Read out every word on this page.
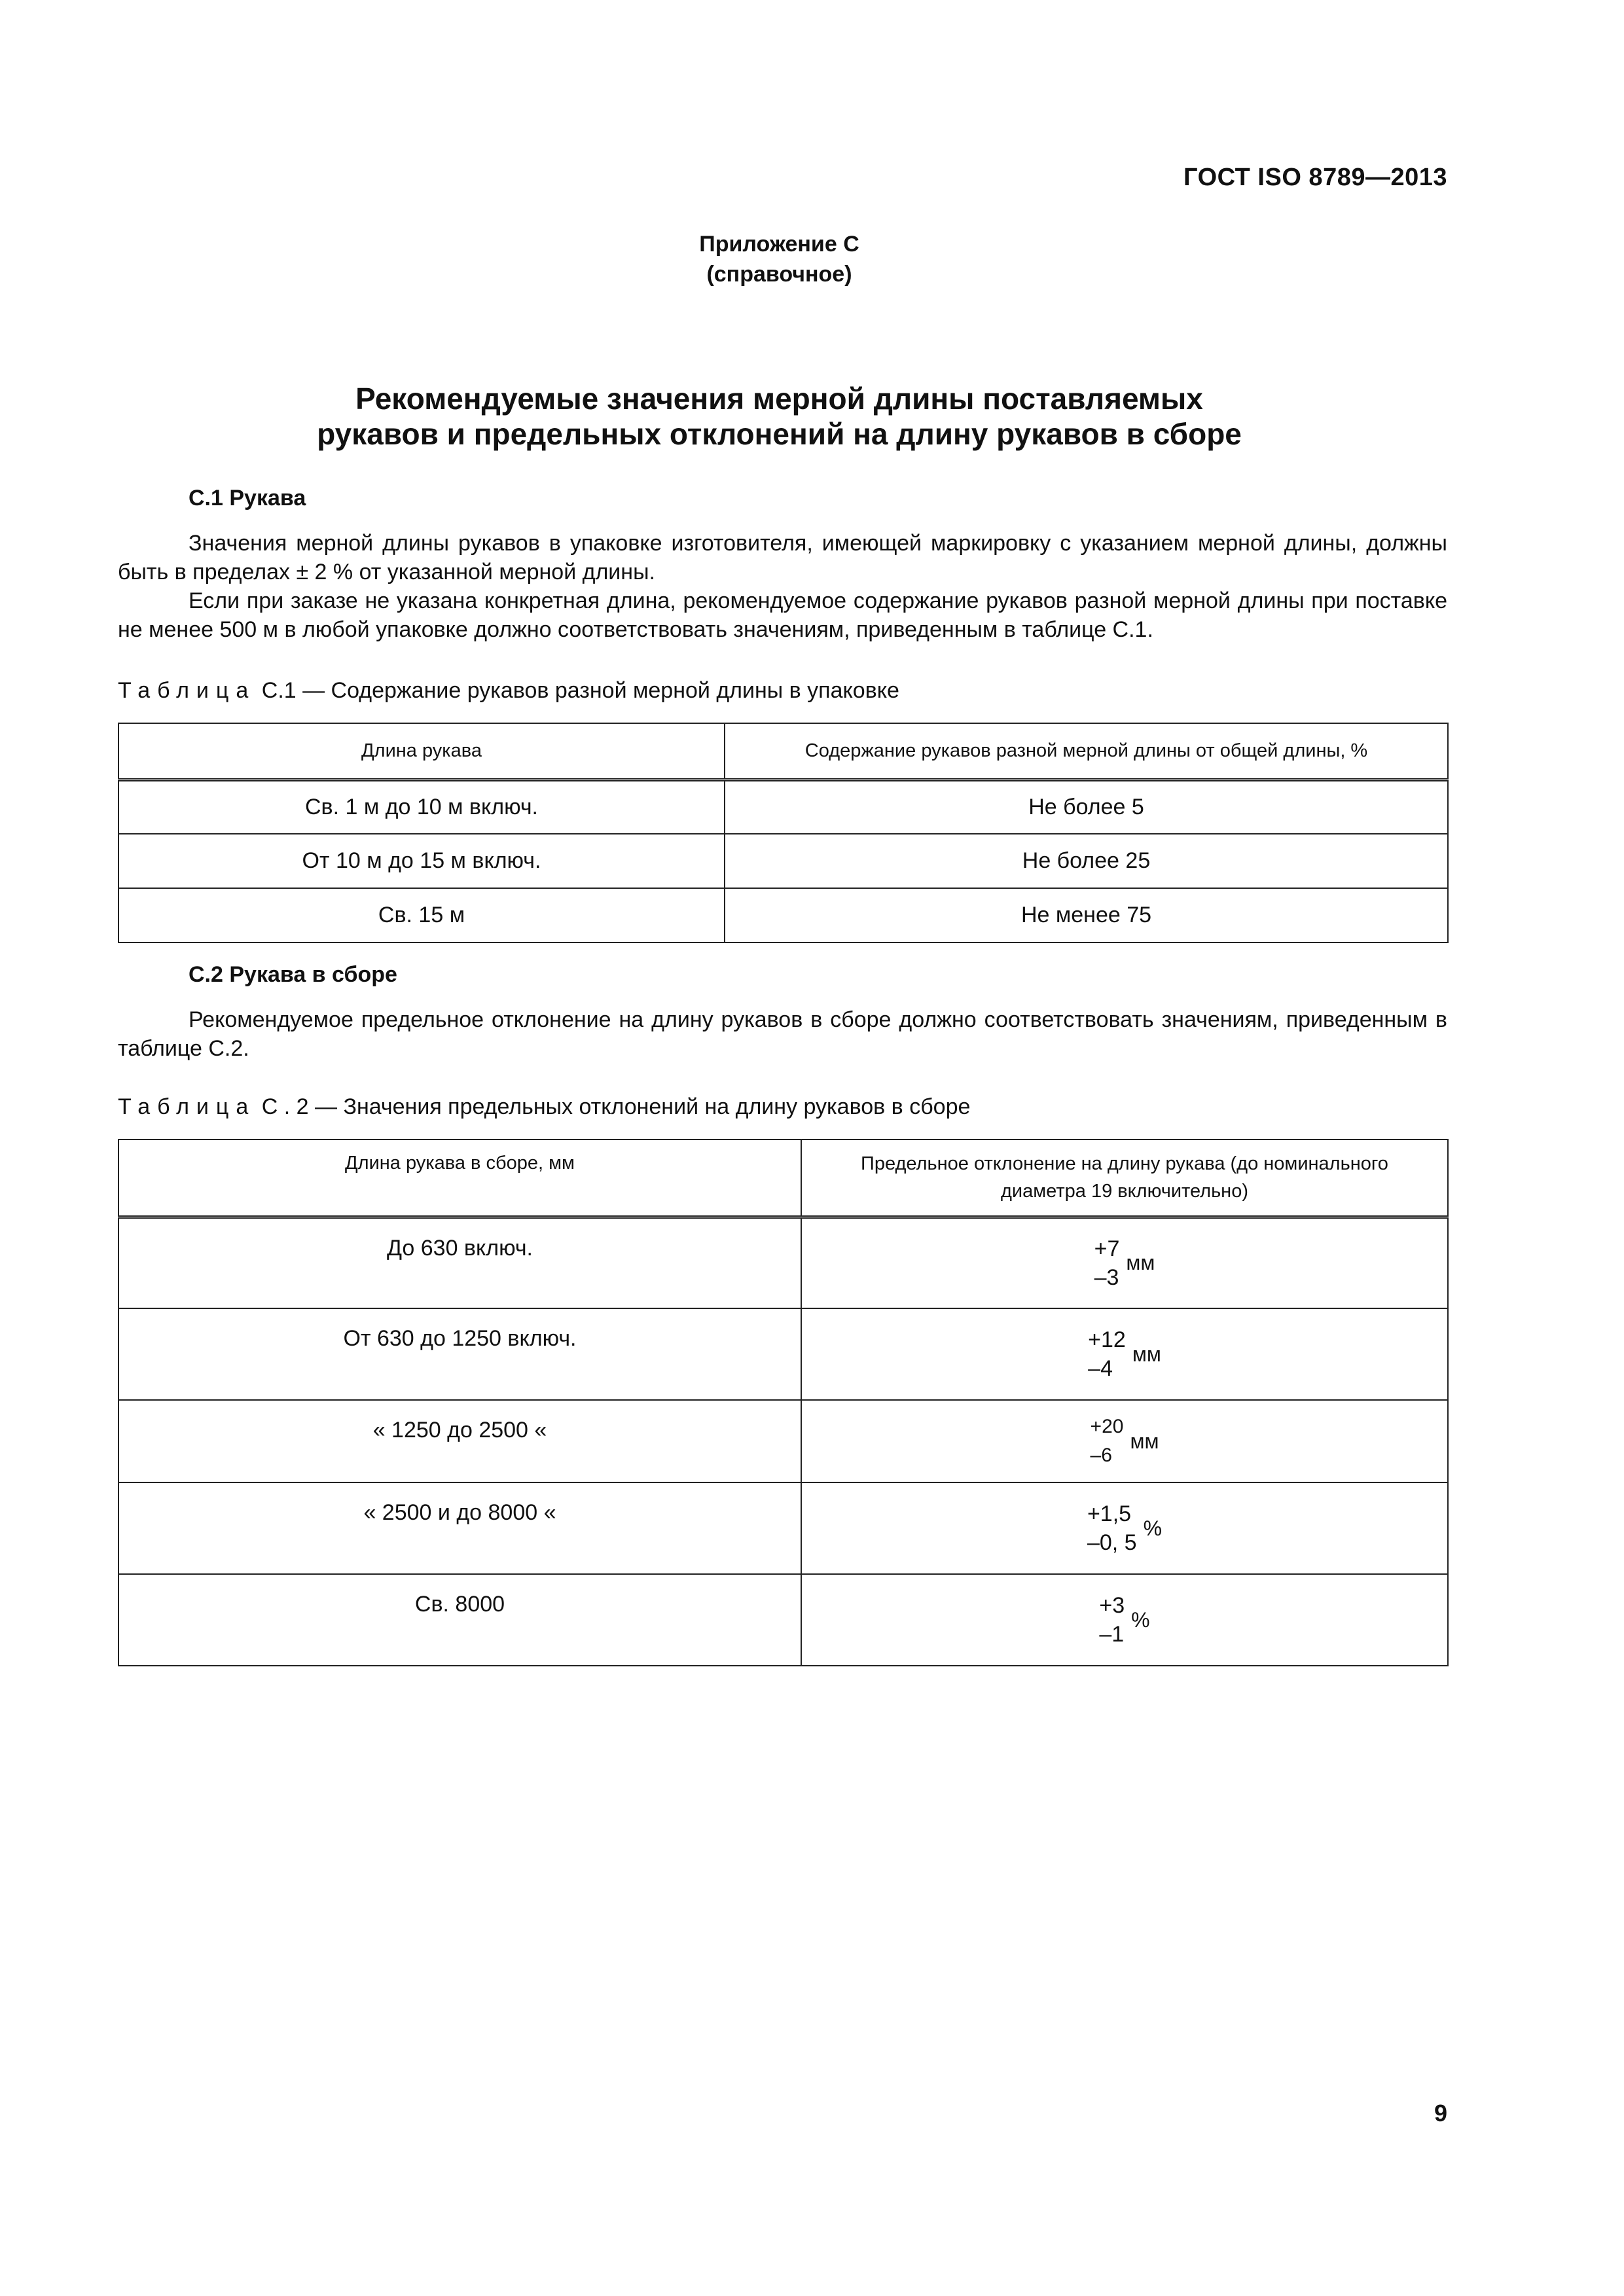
ГОСТ ISO 8789—2013
Приложение С
(справочное)
Рекомендуемые значения мерной длины поставляемых
рукавов и предельных отклонений на длину рукавов в сборе
С.1 Рукава
Значения мерной длины рукавов в упаковке изготовителя, имеющей маркировку с указанием мерной длины, должны быть в пределах ± 2 % от указанной мерной длины.
Если при заказе не указана конкретная длина, рекомендуемое содержание рукавов разной мерной длины при поставке не менее 500 м в любой упаковке должно соответствовать значениям, приведенным в таблице С.1.
Таблица С.1 — Содержание рукавов разной мерной длины в упаковке
Длина рукава	Содержание рукавов разной мерной длины от общей длины, %
Св. 1 м до 10 м включ.	Не более 5
От 10 м до 15 м включ.	Не более 25
Св. 15 м	Не менее 75
С.2 Рукава в сборе
Рекомендуемое предельное отклонение на длину рукавов в сборе должно соответствовать значениям, приведенным в таблице С.2.
Таблица С . 2 — Значения предельных отклонений на длину рукавов в сборе
Длина рукава в сборе, мм	Предельное отклонение на длину рукава (до номинального диаметра 19 включительно)
До 630 включ.	+7
–3
мм

От 630 до 1250 включ.	+12
–4
мм

« 1250 до 2500 «	+20
–6
мм

« 2500 и до 8000 «	+1,5
–0, 5
%

Св. 8000	+3
–1
%
9
